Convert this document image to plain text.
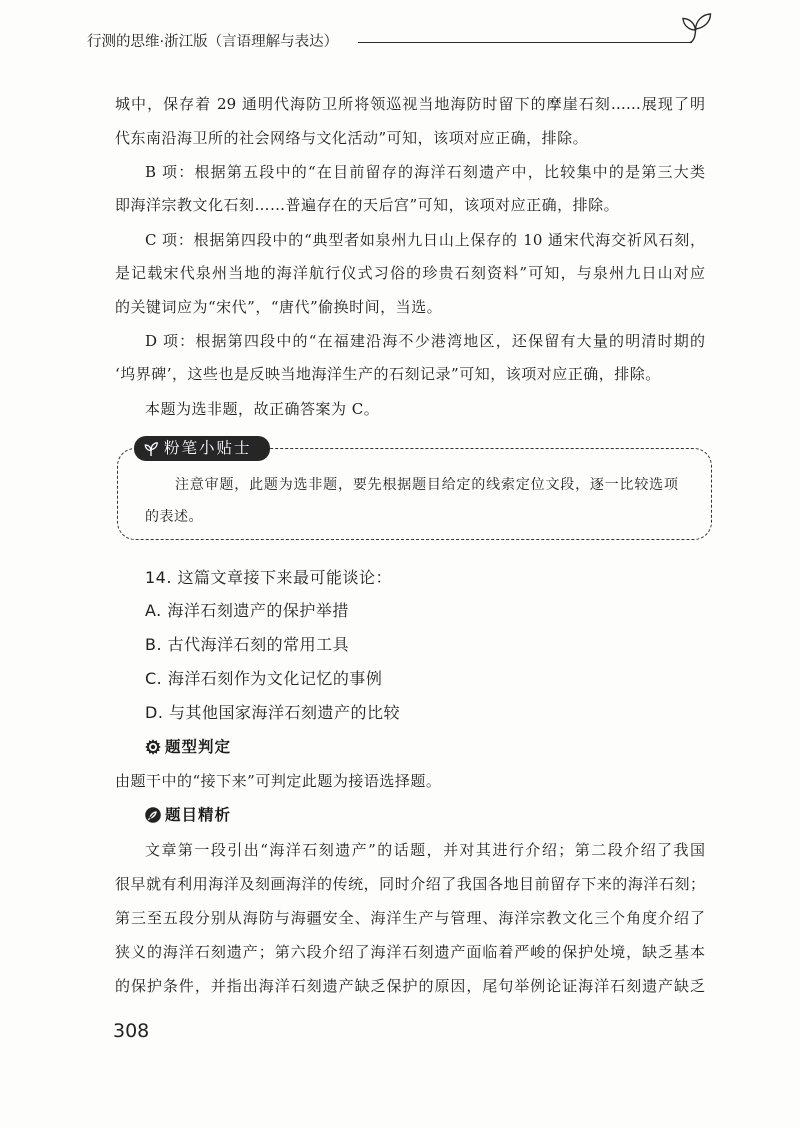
行测的思维·浙江版（言语理解与表达）

城中，保存着 29 通明代海防卫所将领巡视当地海防时留下的摩崖石刻……展现了明

代东南沿海卫所的社会网络与文化活动”可知，该项对应正确，排除。

B 项：根据第五段中的“在目前留存的海洋石刻遗产中，比较集中的是第三大类

即海洋宗教文化石刻……普遍存在的天后宫”可知，该项对应正确，排除。

C 项：根据第四段中的“典型者如泉州九日山上保存的 10 通宋代海交祈风石刻，

是记载宋代泉州当地的海洋航行仪式习俗的珍贵石刻资料”可知，与泉州九日山对应

的关键词应为“宋代”，“唐代”偷换时间，当选。

D 项：根据第四段中的“在福建沿海不少港湾地区，还保留有大量的明清时期的

‘坞界碑’，这些也是反映当地海洋生产的石刻记录”可知，该项对应正确，排除。

本题为选非题，故正确答案为 C。

粉笔小贴士

注意审题，此题为选非题，要先根据题目给定的线索定位文段，逐一比较选项

的表述。

14. 这篇文章接下来最可能谈论：

A. 海洋石刻遗产的保护举措

B. 古代海洋石刻的常用工具

C. 海洋石刻作为文化记忆的事例

D. 与其他国家海洋石刻遗产的比较

题型判定

由题干中的“接下来”可判定此题为接语选择题。

题目精析

文章第一段引出“海洋石刻遗产”的话题，并对其进行介绍；第二段介绍了我国

很早就有利用海洋及刻画海洋的传统，同时介绍了我国各地目前留存下来的海洋石刻；

第三至五段分别从海防与海疆安全、海洋生产与管理、海洋宗教文化三个角度介绍了

狭义的海洋石刻遗产；第六段介绍了海洋石刻遗产面临着严峻的保护处境，缺乏基本

的保护条件，并指出海洋石刻遗产缺乏保护的原因，尾句举例论证海洋石刻遗产缺乏

308
